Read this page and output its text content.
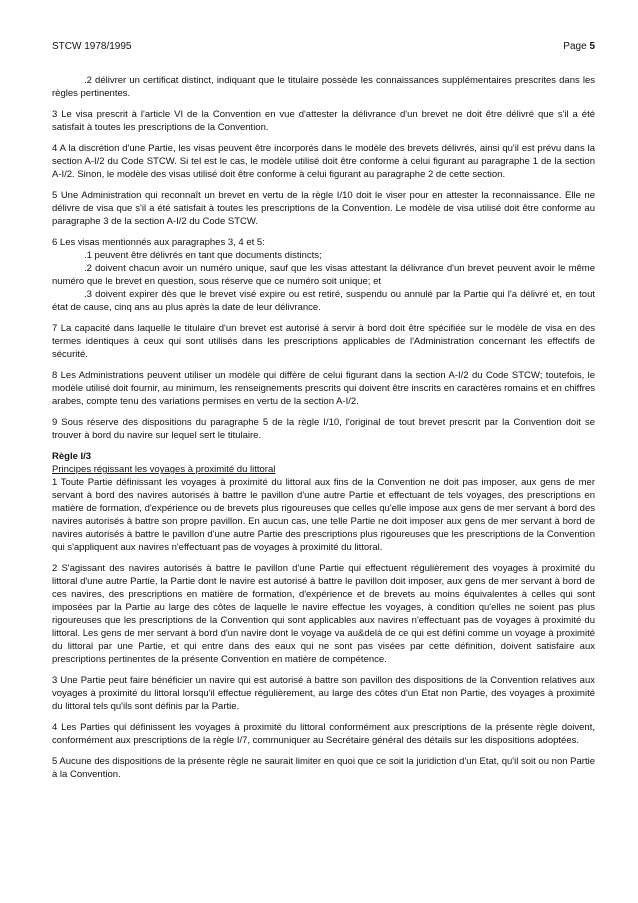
STCW 1978/1995	Page 5

.2 délivrer un certificat distinct, indiquant que le titulaire possède les connaissances supplémentaires prescrites dans les règles pertinentes.

3 Le visa prescrit à l'article VI de la Convention en vue d'attester la délivrance d'un brevet ne doit être délivré que s'il a été satisfait à toutes les prescriptions de la Convention.

4 A la discrétion d'une Partie, les visas peuvent être incorporés dans le modèle des brevets délivrés, ainsi qu'il est prévu dans la section A-I/2 du Code STCW. Si tel est le cas, le modèle utilisé doit être conforme à celui figurant au paragraphe 1 de la section A-I/2. Sinon, le modèle des visas utilisé doit être conforme à celui figurant au paragraphe 2 de cette section.

5 Une Administration qui reconnaît un brevet en vertu de la règle I/10 doit le viser pour en attester la reconnaissance. Elle ne délivre de visa que s'il a été satisfait à toutes les prescriptions de la Convention. Le modèle de visa utilisé doit être conforme au paragraphe 3 de la section A-I/2 du Code STCW.

6 Les visas mentionnés aux paragraphes 3, 4 et 5:

.1 peuvent être délivrés en tant que documents distincts;

.2 doivent chacun avoir un numéro unique, sauf que les visas attestant la délivrance d'un brevet peuvent avoir le même numéro que le brevet en question, sous réserve que ce numéro soit unique; et

.3 doivent expirer dès que le brevet visé expire ou est retiré, suspendu ou annulé par la Partie qui l'a délivré et, en tout état de cause, cinq ans au plus après la date de leur délivrance.

7 La capacité dans laquelle le titulaire d'un brevet est autorisé à servir à bord doit être spécifiée sur le modèle de visa en des termes identiques à ceux qui sont utilisés dans les prescriptions applicables de l'Administration concernant les effectifs de sécurité.

8 Les Administrations peuvent utiliser un modèle qui diffère de celui figurant dans la section A-I/2 du Code STCW; toutefois, le modèle utilisé doit fournir, au minimum, les renseignements prescrits qui doivent être inscrits en caractères romains et en chiffres arabes, compte tenu des variations permises en vertu de la section A-I/2.

9 Sous réserve des dispositions du paragraphe 5 de la règle I/10, l'original de tout brevet prescrit par la Convention doit se trouver à bord du navire sur lequel sert le titulaire.

Règle I/3

Principes régissant les voyages à proximité du littoral

1 Toute Partie définissant les voyages à proximité du littoral aux fins de la Convention ne doit pas imposer, aux gens de mer servant à bord des navires autorisés à battre le pavillon d'une autre Partie et effectuant de tels voyages, des prescriptions en matière de formation, d'expérience ou de brevets plus rigoureuses que celles qu'elle impose aux gens de mer servant à bord des navires autorisés à battre son propre pavillon. En aucun cas, une telle Partie ne doit imposer aux gens de mer servant à bord de navires autorisés à battre le pavillon d'une autre Partie des prescriptions plus rigoureuses que les prescriptions de la Convention qui s'appliquent aux navires n'effectuant pas de voyages à proximité du littoral.

2 S'agissant des navires autorisés à battre le pavillon d'une Partie qui effectuent régulièrement des voyages à proximité du littoral d'une autre Partie, la Partie dont le navire est autorisé à battre le pavillon doit imposer, aux gens de mer servant à bord de ces navires, des prescriptions en matière de formation, d'expérience et de brevets au moins équivalentes à celles qui sont imposées par la Partie au large des côtes de laquelle le navire effectue les voyages, à condition qu'elles ne soient pas plus rigoureuses que les prescriptions de la Convention qui sont applicables aux navires n'effectuant pas de voyages à proximité du littoral. Les gens de mer servant à bord d'un navire dont le voyage va au&delà de ce qui est défini comme un voyage à proximité du littoral par une Partie, et qui entre dans des eaux qui ne sont pas visées par cette définition, doivent satisfaire aux prescriptions pertinentes de la présente Convention en matière de compétence.

3 Une Partie peut faire bénéficier un navire qui est autorisé à battre son pavillon des dispositions de la Convention relatives aux voyages à proximité du littoral lorsqu'il effectue régulièrement, au large des côtes d'un Etat non Partie, des voyages à proximité du littoral tels qu'ils sont définis par la Partie.

4 Les Parties qui définissent les voyages à proximité du littoral conformément aux prescriptions de la présente règle doivent, conformément aux prescriptions de la règle I/7, communiquer au Secrétaire général des détails sur les dispositions adoptées.

5 Aucune des dispositions de la présente règle ne saurait limiter en quoi que ce soit la juridiction d'un Etat, qu'il soit ou non Partie à la Convention.
